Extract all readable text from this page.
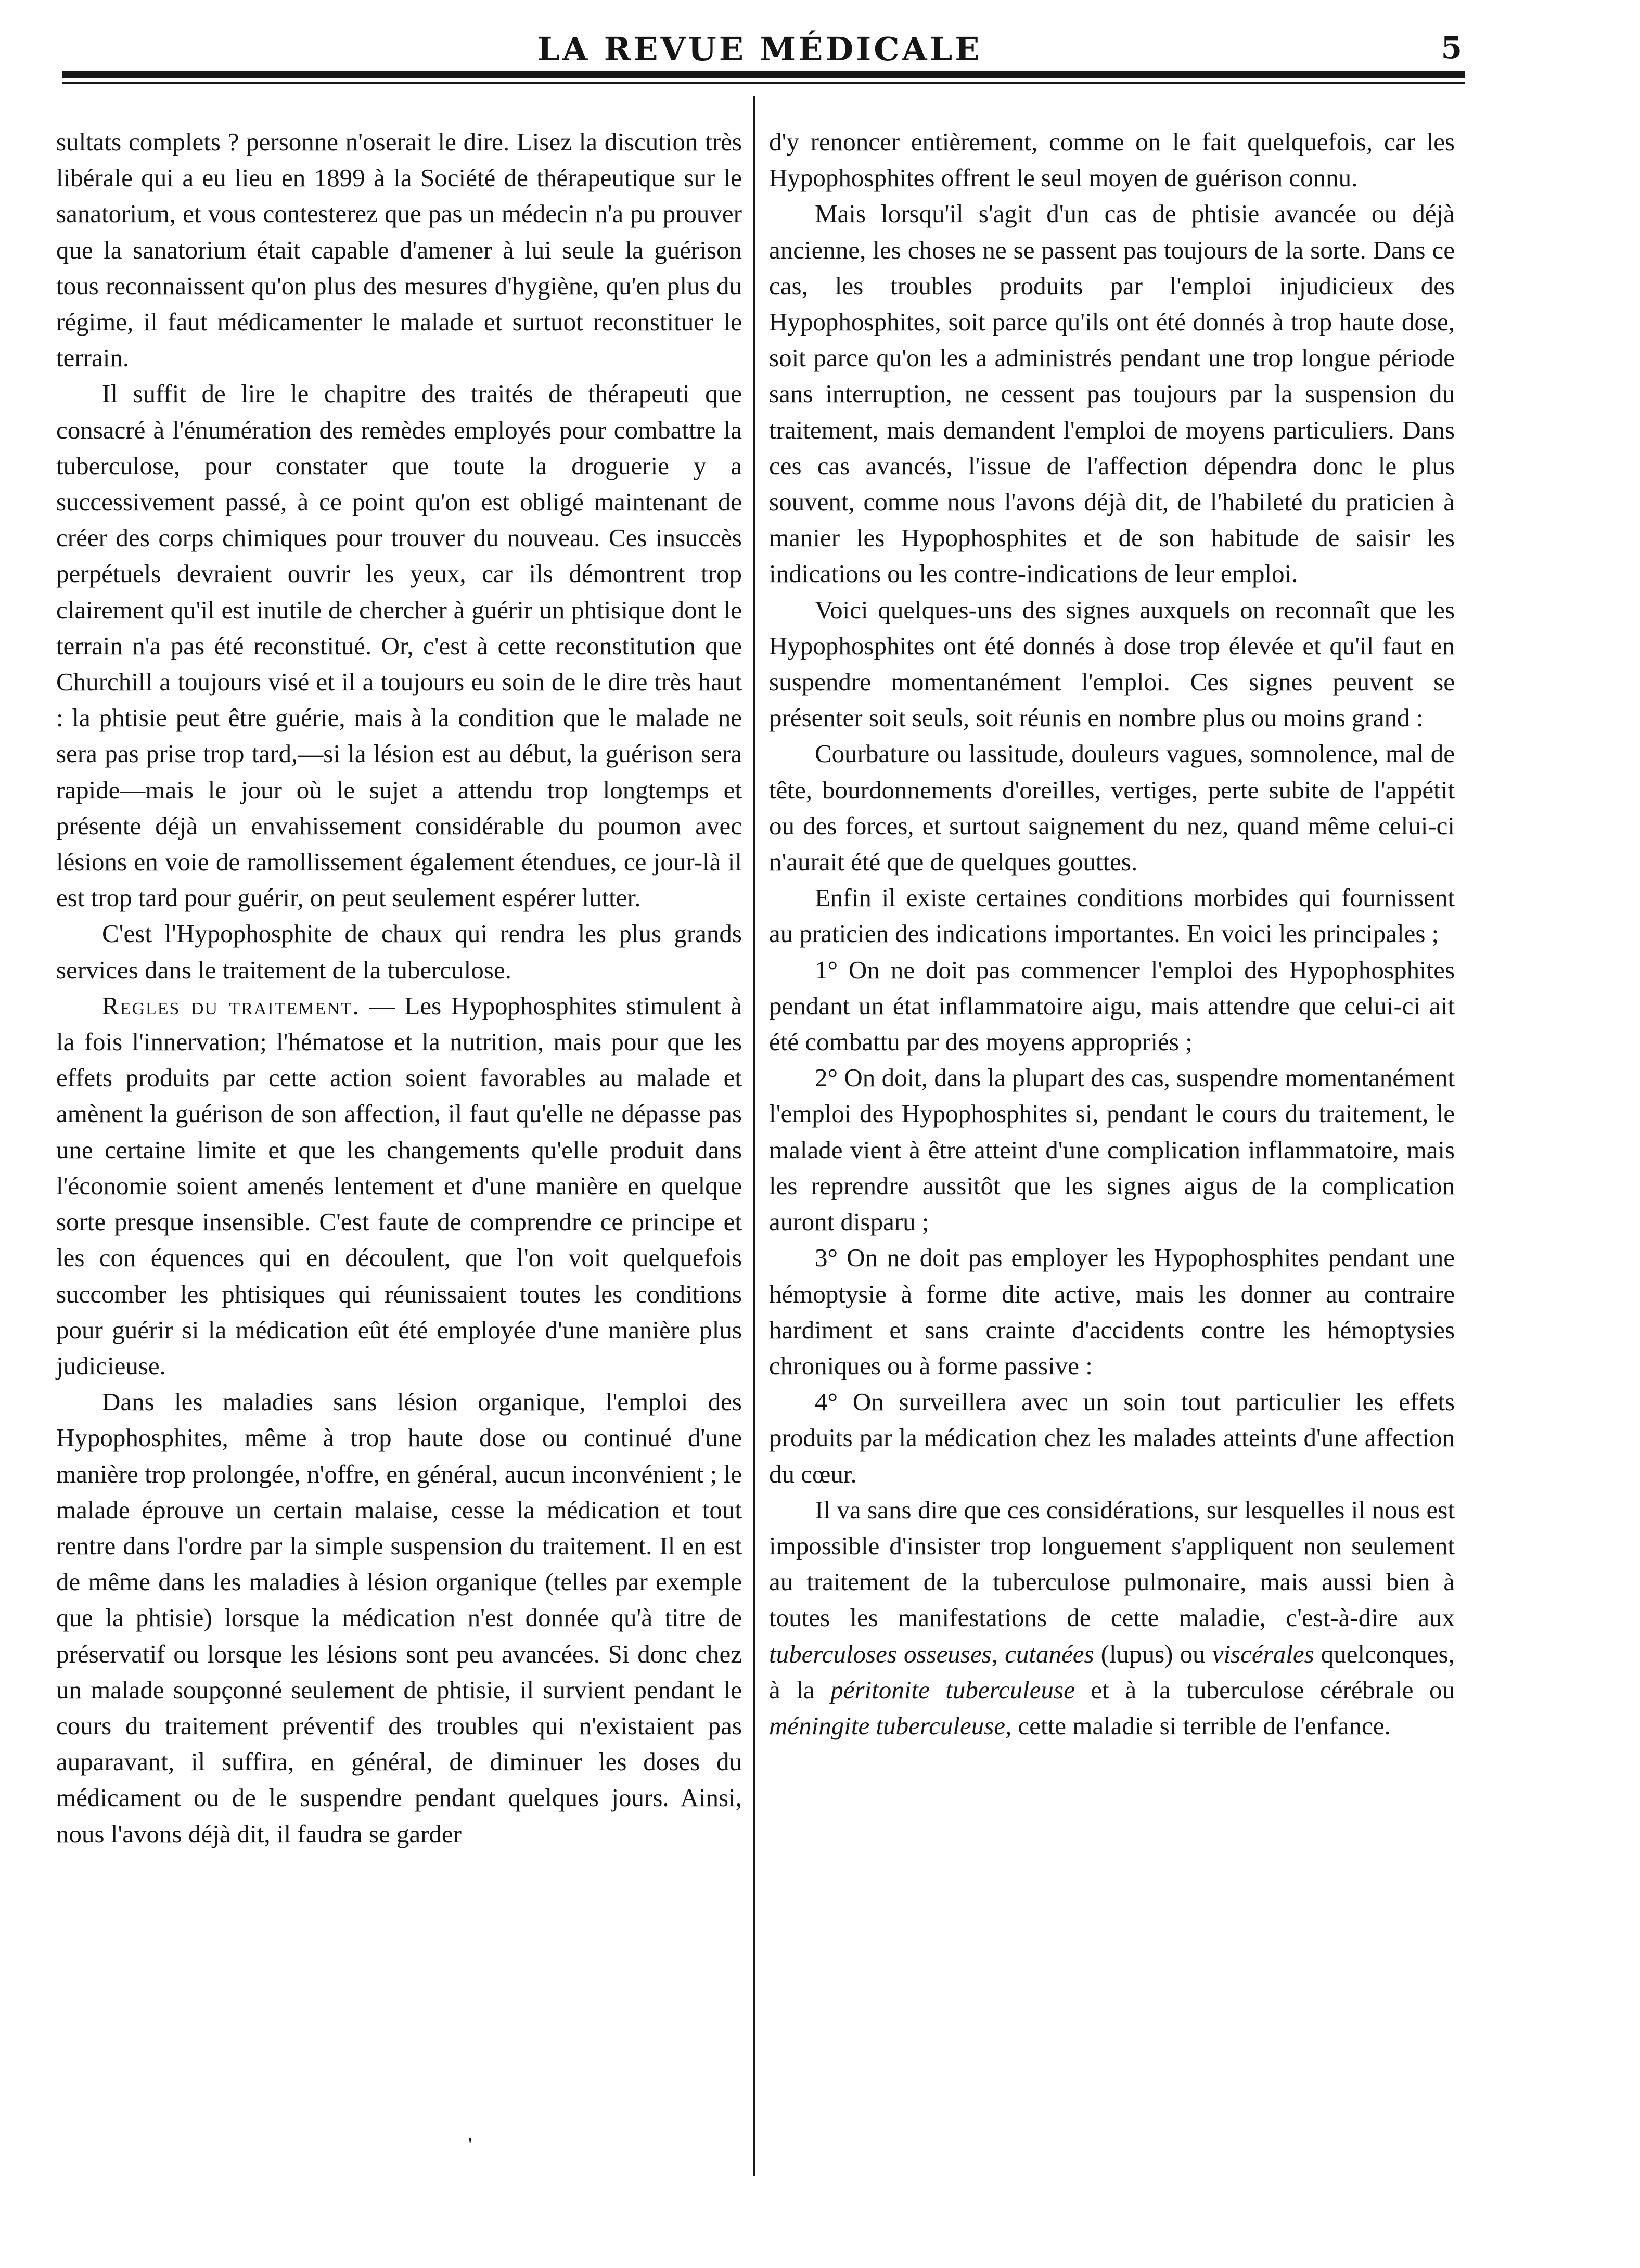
LA REVUE MÉDICALE	5

sultats complets ? personne n'oserait le dire. Lisez la discution très libérale qui a eu lieu en 1899 à la Société de thérapeutique sur le sanatorium, et vous contesterez que pas un médecin n'a pu prouver que la sanatorium était capable d'amener à lui seule la guérison tous reconnaissent qu'on plus des mesures d'hygiène, qu'en plus du régime, il faut médicamenter le malade et surtuot reconstituer le terrain.

Il suffit de lire le chapitre des traités de thérapeuti que consacré à l'énumération des remèdes employés pour combattre la tuberculose, pour constater que toute la droguerie y a successivement passé, à ce point qu'on est obligé maintenant de créer des corps chimiques pour trouver du nouveau. Ces insuccès perpétuels devraient ouvrir les yeux, car ils démontrent trop clairement qu'il est inutile de chercher à guérir un phtisique dont le terrain n'a pas été reconstitué. Or, c'est à cette reconstitution que Churchill a toujours visé et il a toujours eu soin de le dire très haut : la phtisie peut être guérie, mais à la condition que le malade ne sera pas prise trop tard,—si la lésion est au début, la guérison sera rapide—mais le jour où le sujet a attendu trop longtemps et présente déjà un envahissement considérable du poumon avec lésions en voie de ramollissement également étendues, ce jour-là il est trop tard pour guérir, on peut seulement espérer lutter.

C'est l'Hypophosphite de chaux qui rendra les plus grands services dans le traitement de la tuberculose.

Regles du traitement. — Les Hypophosphites stimulent à la fois l'innervation; l'hématose et la nutrition, mais pour que les effets produits par cette action soient favorables au malade et amènent la guérison de son affection, il faut qu'elle ne dépasse pas une certaine limite et que les changements qu'elle produit dans l'économie soient amenés lentement et d'une manière en quelque sorte presque insensible. C'est faute de comprendre ce principe et les con équences qui en découlent, que l'on voit quelquefois succomber les phtisiques qui réunissaient toutes les conditions pour guérir si la médication eût été employée d'une manière plus judicieuse.

Dans les maladies sans lésion organique, l'emploi des Hypophosphites, même à trop haute dose ou continué d'une manière trop prolongée, n'offre, en général, aucun inconvénient ; le malade éprouve un certain malaise, cesse la médication et tout rentre dans l'ordre par la simple suspension du traitement. Il en est de même dans les maladies à lésion organique (telles par exemple que la phtisie) lorsque la médication n'est donnée qu'à titre de préservatif ou lorsque les lésions sont peu avancées. Si donc chez un malade soupçonné seulement de phtisie, il survient pendant le cours du traitement préventif des troubles qui n'existaient pas auparavant, il suffira, en général, de diminuer les doses du médicament ou de le suspendre pendant quelques jours. Ainsi, nous l'avons déjà dit, il faudra se garder

d'y renoncer entièrement, comme on le fait quelquefois, car les Hypophosphites offrent le seul moyen de guérison connu.

Mais lorsqu'il s'agit d'un cas de phtisie avancée ou déjà ancienne, les choses ne se passent pas toujours de la sorte. Dans ce cas, les troubles produits par l'emploi injudicieux des Hypophosphites, soit parce qu'ils ont été donnés à trop haute dose, soit parce qu'on les a administrés pendant une trop longue période sans interruption, ne cessent pas toujours par la suspension du traitement, mais demandent l'emploi de moyens particuliers. Dans ces cas avancés, l'issue de l'affection dépendra donc le plus souvent, comme nous l'avons déjà dit, de l'habileté du praticien à manier les Hypophosphites et de son habitude de saisir les indications ou les contre-indications de leur emploi.

Voici quelques-uns des signes auxquels on reconnaît que les Hypophosphites ont été donnés à dose trop élevée et qu'il faut en suspendre momentanément l'emploi. Ces signes peuvent se présenter soit seuls, soit réunis en nombre plus ou moins grand :

Courbature ou lassitude, douleurs vagues, somnolence, mal de tête, bourdonnements d'oreilles, vertiges, perte subite de l'appétit ou des forces, et surtout saignement du nez, quand même celui-ci n'aurait été que de quelques gouttes.

Enfin il existe certaines conditions morbides qui fournissent au praticien des indications importantes. En voici les principales ;

1° On ne doit pas commencer l'emploi des Hypophosphites pendant un état inflammatoire aigu, mais attendre que celui-ci ait été combattu par des moyens appropriés ;

2° On doit, dans la plupart des cas, suspendre momentanément l'emploi des Hypophosphites si, pendant le cours du traitement, le malade vient à être atteint d'une complication inflammatoire, mais les reprendre aussitôt que les signes aigus de la complication auront disparu ;

3° On ne doit pas employer les Hypophosphites pendant une hémoptysie à forme dite active, mais les donner au contraire hardiment et sans crainte d'accidents contre les hémoptysies chroniques ou à forme passive :

4° On surveillera avec un soin tout particulier les effets produits par la médication chez les malades atteints d'une affection du cœur.

Il va sans dire que ces considérations, sur lesquelles il nous est impossible d'insister trop longuement s'appliquent non seulement au traitement de la tuberculose pulmonaire, mais aussi bien à toutes les manifestations de cette maladie, c'est-à-dire aux tuberculoses osseuses, cutanées (lupus) ou viscérales quelconques, à la péritonite tuberculeuse et à la tuberculose cérébrale ou méningite tuberculeuse, cette maladie si terrible de l'enfance.

'
